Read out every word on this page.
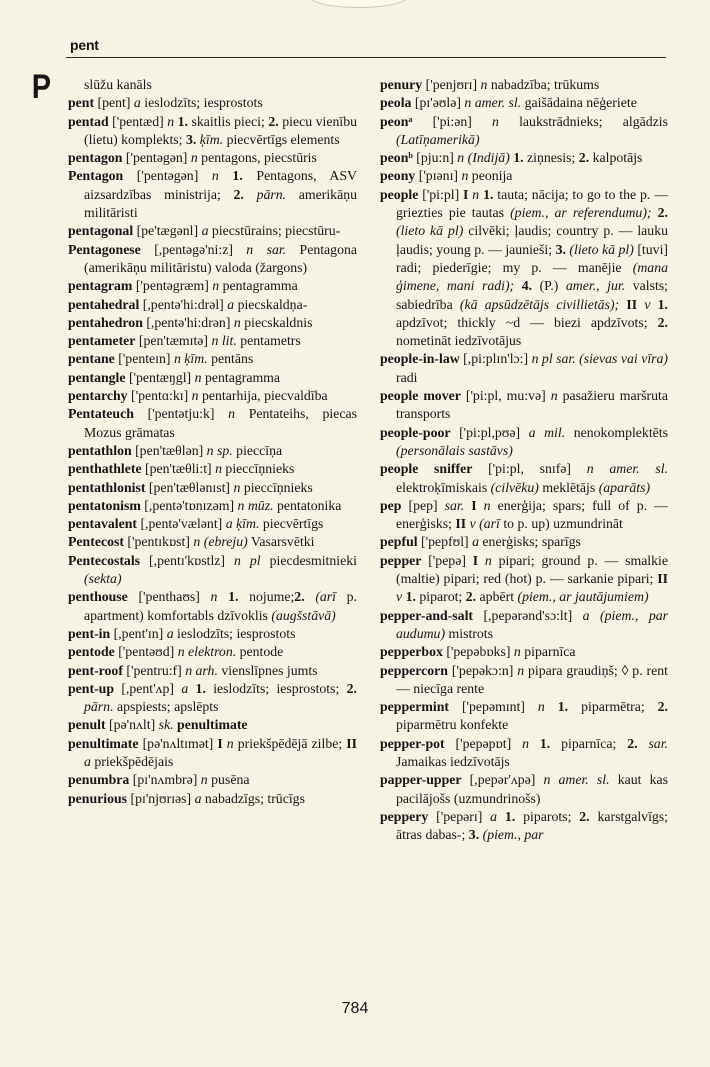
pent
P	slūžu kanāls
pent [pent] a ieslodzīts; iesprostots
pentad ['pentæd] n 1. skaitlis pieci; 2. piecu vienību (lietu) komplekts; 3. ķīm. piecvērtīgs elements
pentagon ['pentəgən] n pentagons, piecstūris
Pentagon ['pentəgən] n 1. Pentagons, ASV aizsardzības ministrija; 2. pārn. amerikāņu militāristi
pentagonal [pe'tægənl] a piecstūrains; piecstūru-
Pentagonese [,pentəgə'ni:z] n sar. Pentagona (amerikāņu militāristu) valoda (žargons)
pentagram ['pentəgræm] n pentagramma
pentahedral [,pentə'hi:drəl] a piecskaldņa-
pentahedron [,pentə'hi:drən] n piecskaldnis
pentameter [pen'tæmɪtə] n lit. pentametrs
pentane ['penteɪn] n ķīm. pentāns
pentangle ['pentæŋgl] n pentagramma
pentarchy ['pentɑ:kɪ] n pentarhija, piecvaldība
Pentateuch ['pentətju:k] n Pentateihs, piecas Mozus grāmatas
pentathlon [pen'tæθlən] n sp. pieccīņa
penthathlete [pen'tæθli:t] n pieccīņnieks
pentathlonist [pen'tæθlənɪst] n pieccīņnieks
pentatonism [,pentə'tɒnɪzəm] n mūz. pentatonika
pentavalent [,pentə'vælənt] a ķīm. piecvērtīgs
Pentecost ['pentɪkɒst] n (ebreju) Vasarsvētki
Pentecostals [,pentɪ'kɒstlz] n pl piecdesmitnieki (sekta)
penthouse ['penthaʊs] n 1. nojume;2. (arī p. apartment) komfortabls dzīvoklis (augšstāvā)
pent-in [,pent'ɪn] a ieslodzīts; iesprostots
pentode ['pentəʊd] n elektron. pentode
pent-roof ['pentru:f] n arh. vienslīpnes jumts
pent-up [,pent'ʌp] a 1. ieslodzīts; iesprostots; 2. pārn. apspiests; apslēpts
penult [pə'nʌlt] sk. penultimate
penultimate [pə'nʌltɪmət] I n priekšpēdējā zilbe; II a priekšpēdējais
penumbra [pɪ'nʌmbrə] n pusēna
penurious [pɪ'njʊrɪəs] a nabadzīgs; trūcīgs
penury ['penjʊrɪ] n nabadzība; trūkums
peola [pɪ'əʊlə] n amer. sl. gaišādaina nēģeriete
peonᵃ ['pi:ən] n laukstrādnieks; algādzis (Latīņamerikā)
peonᵇ [pju:n] n (Indijā) 1. ziņnesis; 2. kalpotājs
peony ['pɪənɪ] n peonija
people ['pi:pl] I n 1. tauta; nācija; to go to the p. — griezties pie tautas (piem., ar referendumu); 2. (lieto kā pl) cilvēki; ļaudis; country p. — lauku ļaudis; young p. — jaunieši; 3. (lieto kā pl) [tuvi] radi; piederīgie; my p. — manējie (mana ģimene, mani radi); 4. (P.) amer., jur. valsts; sabiedrība (kā apsūdzētājs civillietās); II v 1. apdzīvot; thickly ~d — biezi apdzīvots; 2. nometināt iedzīvotājus
people-in-law [,pi:plɪn'lɔ:] n pl sar. (sievas vai vīra) radi
people mover ['pi:pl, mu:və] n pasažieru maršruta transports
people-poor ['pi:pl,pʊə] a mil. nenokomplektēts (personālais sastāvs)
people sniffer ['pi:pl, snɪfə] n amer. sl. elektroķīmiskais (cilvēku) meklētājs (aparāts)
pep [pep] sar. I n enerģija; spars; full of p. — enerģisks; II v (arī to p. up) uzmundrināt
pepful ['pepfʊl] a enerģisks; sparīgs
pepper ['pepə] I n pipari; ground p. — smalkie (maltie) pipari; red (hot) p. — sarkanie pipari; II v 1. piparot; 2. apbērt (piem., ar jautājumiem)
pepper-and-salt [,pepərənd'sɔ:lt] a (piem., par audumu) mistrots
pepperbox ['pepəbɒks] n piparnīca
peppercorn ['pepəkɔ:n] n pipara graudiņš; ◊ p. rent — niecīga rente
peppermint ['pepəmɪnt] n 1. piparmētra; 2. piparmētru konfekte
pepper-pot ['pepəpɒt] n 1. piparnīca; 2. sar. Jamaikas iedzīvotājs
papper-upper [,pepər'ʌpə] n amer. sl. kaut kas pacilājošs (uzmundrinošs)
peppery ['pepərɪ] a 1. piparots; 2. karstgalvīgs; ātras dabas-; 3. (piem., par
784
